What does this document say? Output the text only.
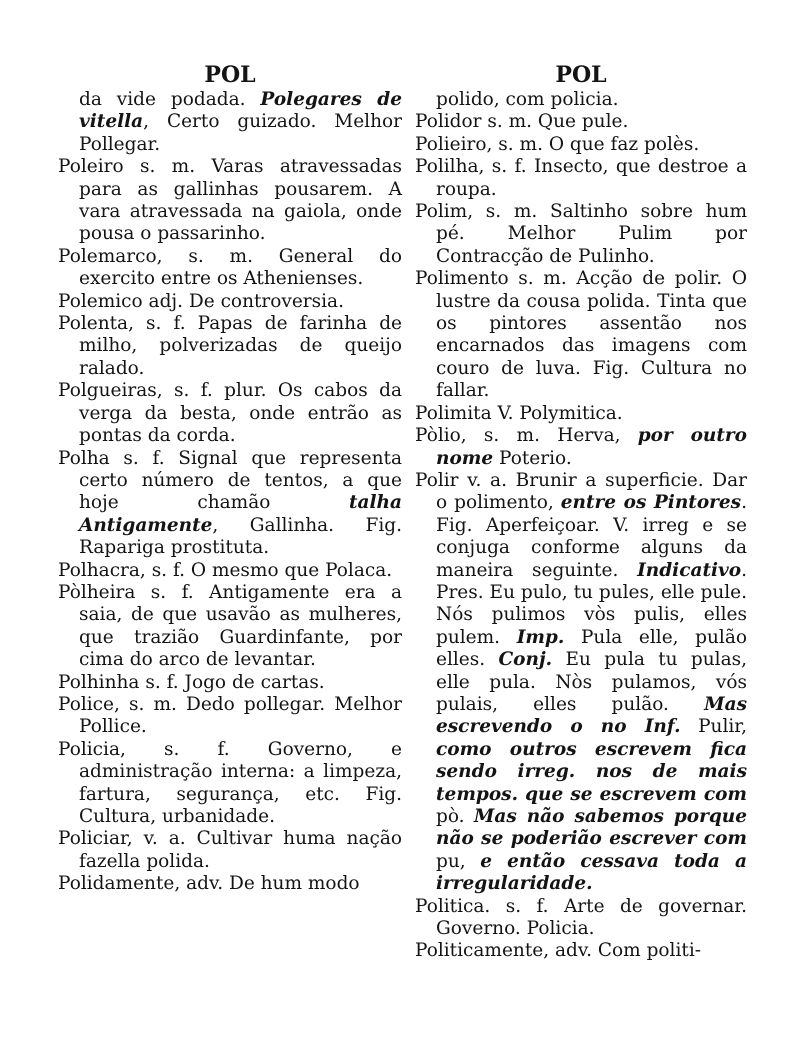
POL

da vide podada. Polegares de vitella, Certo guizado. Melhor Pollegar.

Poleiro s. m. Varas atravessadas para as gallinhas pousarem. A vara atravessada na gaiola, onde pousa o passarinho.

Polemarco, s. m. General do exercito entre os Athenienses.

Polemico adj. De controversia.

Polenta, s. f. Papas de farinha de milho, polverizadas de queijo ralado.

Polgueiras, s. f. plur. Os cabos da verga da besta, onde entrão as pontas da corda.

Polha s. f. Signal que representa certo número de tentos, a que hoje chamão talha Antigamente, Gallinha. Fig. Rapariga prostituta.

Polhacra, s. f. O mesmo que Polaca.

Pòlheira s. f. Antigamente era a saia, de que usavão as mulheres, que trazião Guardinfante, por cima do arco de levantar.

Polhinha s. f. Jogo de cartas.

Police, s. m. Dedo pollegar. Melhor Pollice.

Policia, s. f. Governo, e administração interna: a limpeza, fartura, segurança, etc. Fig. Cultura, urbanidade.

Policiar, v. a. Cultivar huma nação fazella polida.

Polidamente, adv. De hum modo

POL

polido, com policia.

Polidor s. m. Que pule.

Polieiro, s. m. O que faz polès.

Polilha, s. f. Insecto, que destroe a roupa.

Polim, s. m. Saltinho sobre hum pé. Melhor Pulim por Contracção de Pulinho.

Polimento s. m. Acção de polir. O lustre da cousa polida. Tinta que os pintores assentão nos encarnados das imagens com couro de luva. Fig. Cultura no fallar.

Polimita V. Polymitica.

Pòlio, s. m. Herva, por outro nome Poterio.

Polir v. a. Brunir a superficie. Dar o polimento, entre os Pintores. Fig. Aperfeiçoar. V. irreg e se conjuga conforme alguns da maneira seguinte. Indicativo. Pres. Eu pulo, tu pules, elle pule. Nós pulimos vòs pulis, elles pulem. Imp. Pula elle, pulão elles. Conj. Eu pula tu pulas, elle pula. Nòs pulamos, vós pulais, elles pulão. Mas escrevendo o no Inf. Pulir, como outros escrevem fica sendo irreg. nos de mais tempos. que se escrevem com pò. Mas não sabemos porque não se poderião escrever com pu, e então cessava toda a irregularidade.

Politica. s. f. Arte de governar. Governo. Policia.

Politicamente, adv. Com politi-
